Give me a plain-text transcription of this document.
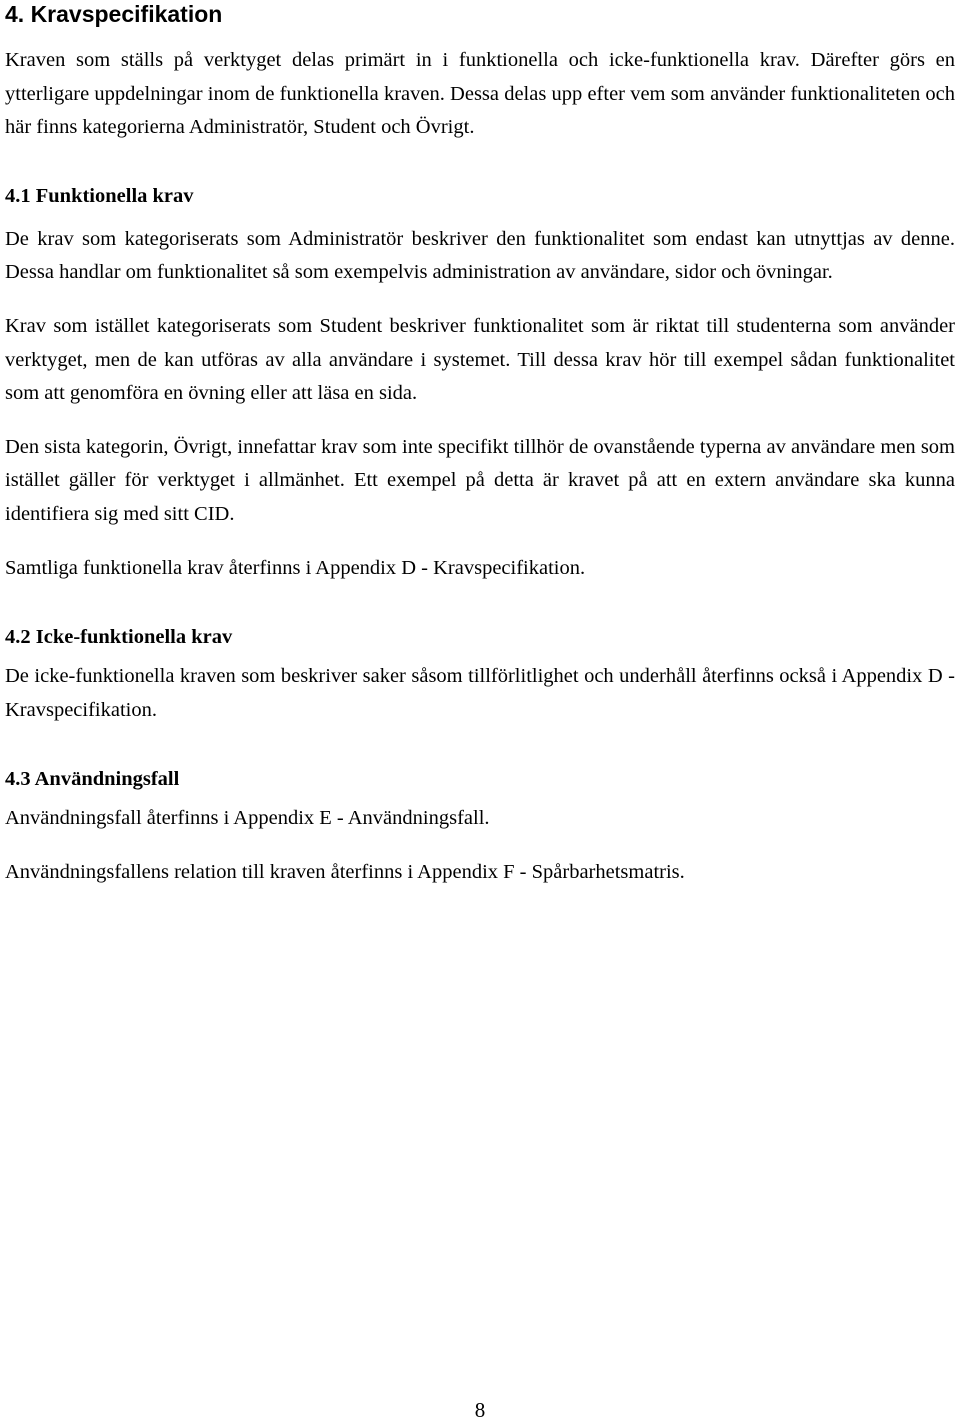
4. Kravspecifikation

Kraven som ställs på verktyget delas primärt in i funktionella och icke-funktionella krav. Därefter görs en ytterligare uppdelningar inom de funktionella kraven. Dessa delas upp efter vem som använder funktionaliteten och här finns kategorierna Administratör, Student och Övrigt.

4.1 Funktionella krav

De krav som kategoriserats som Administratör beskriver den funktionalitet som endast kan utnyttjas av denne. Dessa handlar om funktionalitet så som exempelvis administration av användare, sidor och övningar.

Krav som istället kategoriserats som Student beskriver funktionalitet som är riktat till studenterna som använder verktyget, men de kan utföras av alla användare i systemet. Till dessa krav hör till exempel sådan funktionalitet som att genomföra en övning eller att läsa en sida.

Den sista kategorin, Övrigt, innefattar krav som inte specifikt tillhör de ovanstående typerna av användare men som istället gäller för verktyget i allmänhet. Ett exempel på detta är kravet på att en extern användare ska kunna identifiera sig med sitt CID.

Samtliga funktionella krav återfinns i Appendix D - Kravspecifikation.

4.2 Icke-funktionella krav

De icke-funktionella kraven som beskriver saker såsom tillförlitlighet och underhåll återfinns också i Appendix D - Kravspecifikation.

4.3 Användningsfall

Användningsfall återfinns i Appendix E - Användningsfall.

Användningsfallens relation till kraven återfinns i Appendix F - Spårbarhetsmatris.

8
